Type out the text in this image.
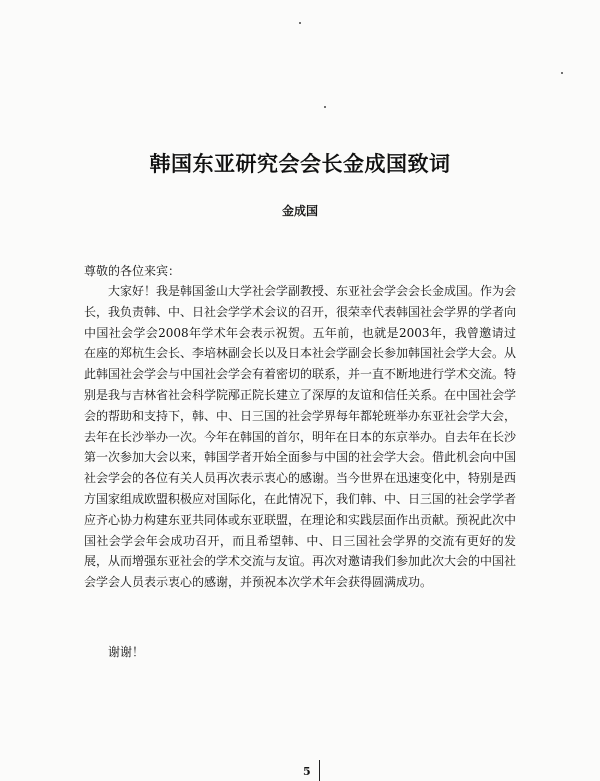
韩国东亚研究会会长金成国致词
金成国
尊敬的各位来宾：

大家好！我是韩国釜山大学社会学副教授、东亚社会学会会长金成国。作为会长，我负责韩、中、日社会学学术会议的召开，很荣幸代表韩国社会学界的学者向中国社会学会2008年学术年会表示祝贺。五年前，也就是2003年，我曾邀请过在座的郑杭生会长、李培林副会长以及日本社会学副会长参加韩国社会学大会。从此韩国社会学会与中国社会学会有着密切的联系，并一直不断地进行学术交流。特别是我与吉林省社会科学院邴正院长建立了深厚的友谊和信任关系。在中国社会学会的帮助和支持下，韩、中、日三国的社会学界每年都轮班举办东亚社会学大会，去年在长沙举办一次。今年在韩国的首尔，明年在日本的东京举办。自去年在长沙第一次参加大会以来，韩国学者开始全面参与中国的社会学大会。借此机会向中国社会学会的各位有关人员再次表示衷心的感谢。当今世界在迅速变化中，特别是西方国家组成欧盟积极应对国际化，在此情况下，我们韩、中、日三国的社会学学者应齐心协力构建东亚共同体或东亚联盟，在理论和实践层面作出贡献。预祝此次中国社会学会年会成功召开，而且希望韩、中、日三国社会学界的交流有更好的发展，从而增强东亚社会的学术交流与友谊。再次对邀请我们参加此次大会的中国社会学会人员表示衷心的感谢，并预祝本次学术年会获得圆满成功。

谢谢！
5
